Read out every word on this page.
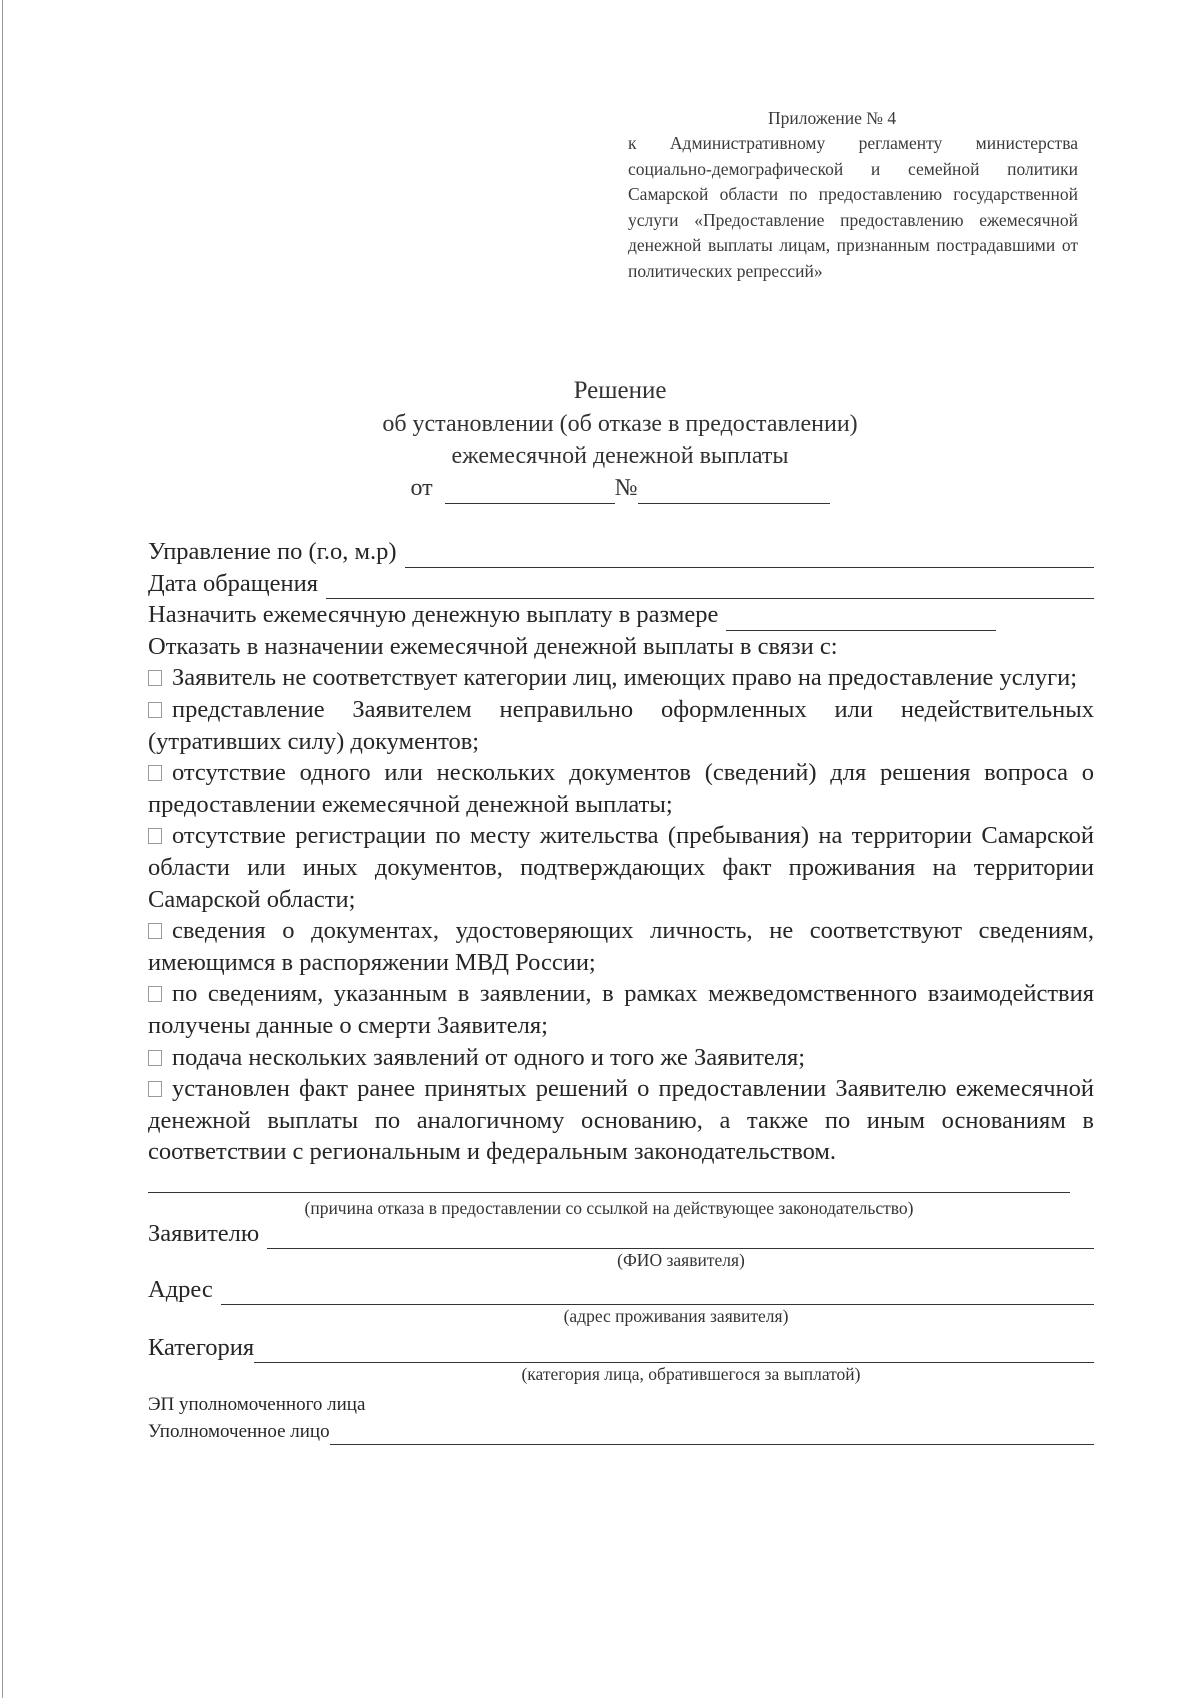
Приложение № 4
к Административному регламенту министерства социально-демографической и семейной политики Самарской области по предоставлению государственной услуги «Предоставление предоставлению ежемесячной денежной выплаты лицам, признанным пострадавшими от политических репрессий»
Решение
об установлении (об отказе в предоставлении)
ежемесячной денежной выплаты
от	№
Управление по (г.о, м.р)
Дата обращения
Назначить ежемесячную денежную выплату в размере
Отказать в назначении ежемесячной денежной выплаты в связи с:
Заявитель не соответствует категории лиц, имеющих право на предоставление услуги;
представление Заявителем неправильно оформленных или недействительных (утративших силу) документов;
отсутствие одного или нескольких документов (сведений) для решения вопроса о предоставлении ежемесячной денежной выплаты;
отсутствие регистрации по месту жительства (пребывания) на территории Самарской области или иных документов, подтверждающих факт проживания на территории Самарской области;
сведения о документах, удостоверяющих личность, не соответствуют сведениям, имеющимся в распоряжении МВД России;
по сведениям, указанным в заявлении, в рамках межведомственного взаимодействия получены данные о смерти Заявителя;
подача нескольких заявлений от одного и того же Заявителя;
установлен факт ранее принятых решений о предоставлении Заявителю ежемесячной денежной выплаты по аналогичному основанию, а также по иным основаниям в соответствии с региональным и федеральным законодательством.
(причина отказа в предоставлении со ссылкой на действующее законодательство)
Заявителю
(ФИО заявителя)
Адрес
(адрес проживания заявителя)
Категория
(категория лица, обратившегося за выплатой)
ЭП уполномоченного лица
Уполномоченное лицо
